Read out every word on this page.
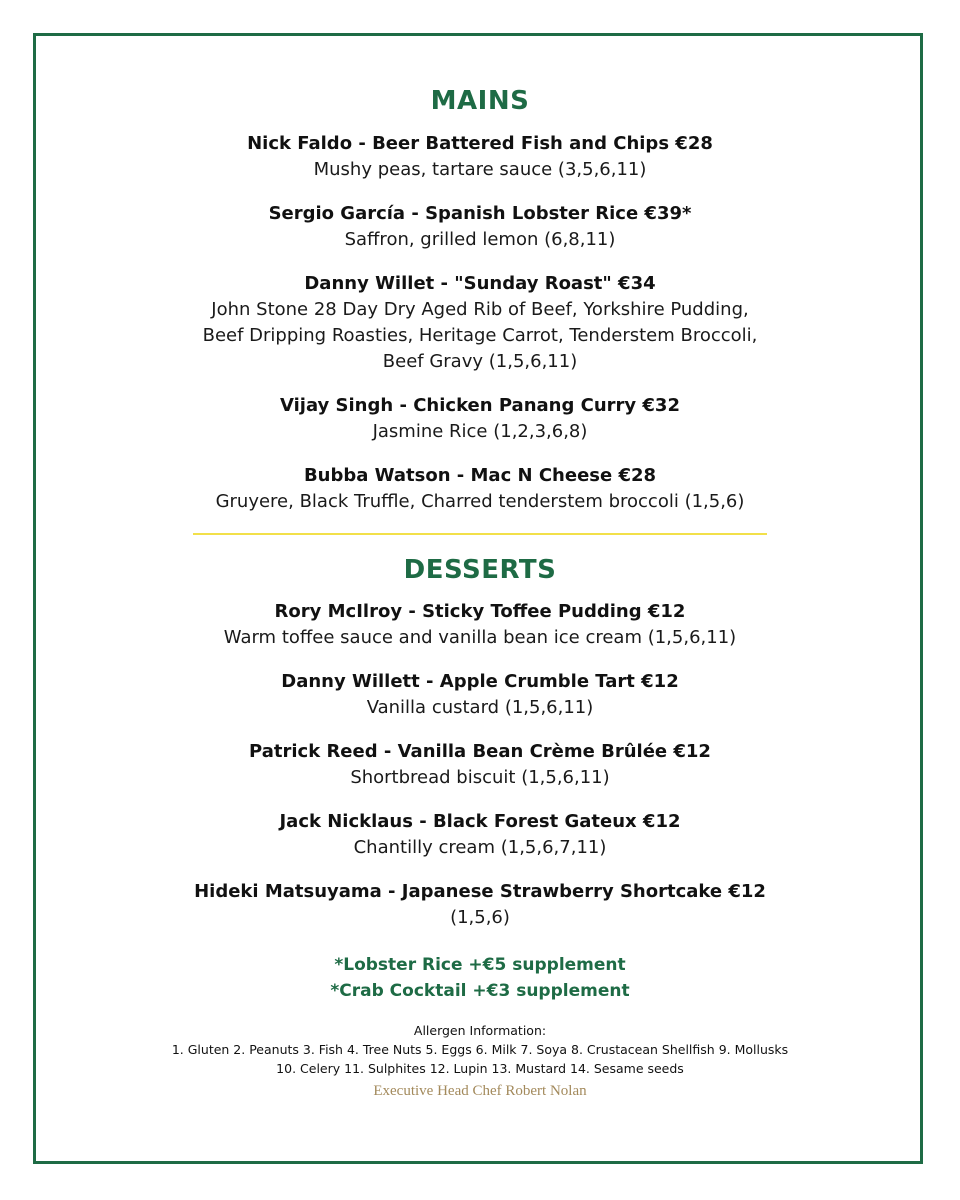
MAINS
Nick Faldo - Beer Battered Fish and Chips €28
Mushy peas, tartare sauce (3,5,6,11)
Sergio García - Spanish Lobster Rice €39*
Saffron, grilled lemon (6,8,11)
Danny Willet - "Sunday Roast" €34
John Stone 28 Day Dry Aged Rib of Beef, Yorkshire Pudding,
Beef Dripping Roasties, Heritage Carrot, Tenderstem Broccoli,
Beef Gravy (1,5,6,11)
Vijay Singh - Chicken Panang Curry €32
Jasmine Rice (1,2,3,6,8)
Bubba Watson - Mac N Cheese €28
Gruyere, Black Truffle, Charred tenderstem broccoli (1,5,6)
DESSERTS
Rory McIlroy - Sticky Toffee Pudding €12
Warm toffee sauce and vanilla bean ice cream (1,5,6,11)
Danny Willett - Apple Crumble Tart €12
Vanilla custard (1,5,6,11)
Patrick Reed - Vanilla Bean Crème Brûlée €12
Shortbread biscuit (1,5,6,11)
Jack Nicklaus - Black Forest Gateux €12
Chantilly cream (1,5,6,7,11)
Hideki Matsuyama - Japanese Strawberry Shortcake €12
(1,5,6)
*Lobster Rice +€5 supplement
*Crab Cocktail +€3 supplement
Allergen Information:
1. Gluten 2. Peanuts 3. Fish 4. Tree Nuts 5. Eggs 6. Milk 7. Soya 8. Crustacean Shellfish 9. Mollusks
10. Celery 11. Sulphites 12. Lupin 13. Mustard 14. Sesame seeds
Executive Head Chef Robert Nolan
